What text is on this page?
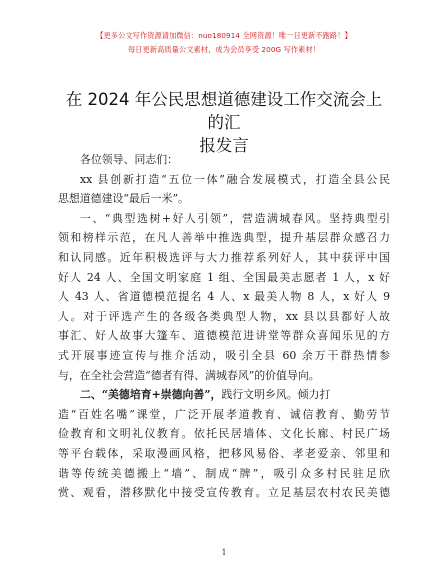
【更多公文写作资源请加微信：nuo180914 全网资源！唯一日更新不跑路！】
每日更新高质量公文素材，成为会员享受 200G 写作素材！
在 2024 年公民思想道德建设工作交流会上的汇
报发言
各位领导、同志们：
xx 县创新打造“五位一体”融合发展模式，打造全县公民
思想道德建设“最后一米”。
一、“典型选树+好人引领”，营造满城春风。坚持典型引
领和榜样示范，在凡人善举中推选典型，提升基层群众感召力
和认同感。近年积极选评与大力推荐系列好人，其中获评中国
好人 24 人、全国文明家庭 1 组、全国最美志愿者 1 人，x 好
人 43 人、省道德模范提名 4 人、x 最美人物 8 人，x 好人 9
人。对于评选产生的各级各类典型人物，xx 县以县都好人故
事汇、好人故事大篷车、道德模范进讲堂等群众喜闻乐见的方
式开展事迹宣传与推介活动，吸引全县 60 余万干群热情参
与，在全社会营造“德者有得、满城春风”的价值导向。
二、“美德培育+崇德向善”，践行文明乡风。倾力打
造“百姓名嘴”课堂，广泛开展孝道教育、诚信教育、勤劳节
俭教育和文明礼仪教育。依托民居墙体、文化长廊、村民广场
等平台载体，采取漫画风格，把移风易俗、孝老爱亲、邻里和
谐等传统美德搬上“墙”、制成“牌”，吸引众多村民驻足欣
赏、观看，潜移默化中接受宣传教育。立足基层农村农民美德
1
